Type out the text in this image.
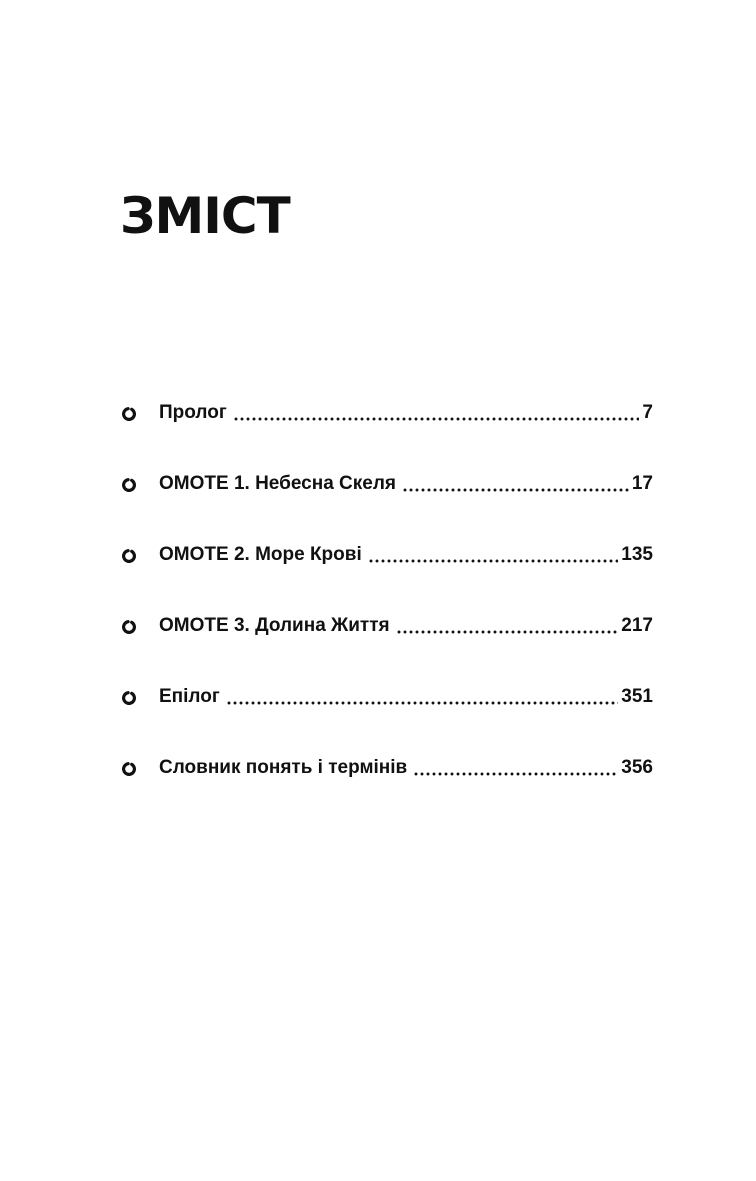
ЗМІСТ
Пролог	7
OMOTE 1. Небесна Скеля	17
OMOTE 2. Море Крові	135
OMOTE 3. Долина Життя	217
Епілог	351
Словник понять і термінів	356
